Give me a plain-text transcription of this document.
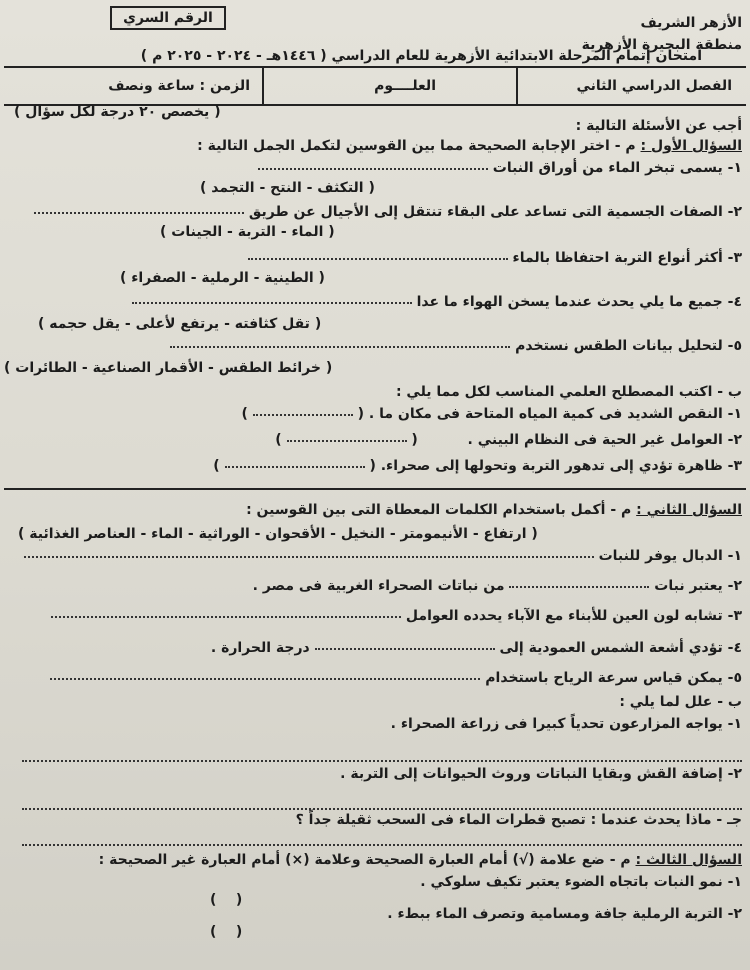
الأزهر الشريف
منطقة البحيرة الأزهرية
الرقم السري
امتحان إتمام المرحلة الابتدائية الأزهرية للعام الدراسي ( ١٤٤٦هـ - ٢٠٢٤ - ٢٠٢٥ م )
الفصل الدراسي الثاني
العلــــوم
الزمن : ساعة ونصف
( يخصص ٢٠ درجة لكل سؤال )
أجب عن الأسئلة التالية :
السؤال الأول : م - اختر الإجابة الصحيحة مما بين القوسين لتكمل الجمل التالية :
١- يسمى تبخر الماء من أوراق النبات
( التكثف - النتح - التجمد )
٢- الصفات الجسمية التى تساعد على البقاء تنتقل إلى الأجيال عن طريق
( الماء - التربة - الجينات )
٣- أكثر أنواع التربة احتفاظا بالماء
( الطينية - الرملية - الصفراء )
٤- جميع ما يلي يحدث عندما يسخن الهواء ما عدا
( تقل كثافته - يرتفع لأعلى - يقل حجمه )
٥- لتحليل بيانات الطقس نستخدم
( خرائط الطقس - الأقمار الصناعية - الطائرات )
ب - اكتب المصطلح العلمي المناسب لكل مما يلي :
١- النقص الشديد فى كمية المياه المتاحة فى مكان ما . (  )
٢- العوامل غير الحية فى النظام البيني .  (  )
٣- ظاهرة تؤدي إلى تدهور التربة وتحولها إلى صحراء. (  )
السؤال الثاني : م - أكمل باستخدام الكلمات المعطاة التى بين القوسين :
( ارتفاع - الأنيمومتر - النخيل - الأقحوان - الوراثية - الماء - العناصر الغذائية )
١- الدبال يوفر للنبات
٢- يعتبر نبات  من نباتات الصحراء الغربية فى مصر .
٣- تشابه لون العين للأبناء مع الآباء يحدده العوامل
٤- تؤدي أشعة الشمس العمودية إلى  درجة الحرارة .
٥- يمكن قياس سرعة الرياح باستخدام
ب - علل لما يلي :
١- يواجه المزارعون تحدياً كبيرا فى زراعة الصحراء .
٢- إضافة القش وبقايا النباتات وروث الحيوانات إلى التربة .
جـ - ماذا يحدث عندما : تصبح قطرات الماء فى السحب ثقيلة جداً ؟
السؤال الثالث : م - ضع علامة (√) أمام العبارة الصحيحة وعلامة (×) أمام العبارة غير الصحيحة :
١- نمو النبات باتجاه الضوء يعتبر تكيف سلوكي .
(    )
٢- التربة الرملية جافة ومسامية وتصرف الماء ببطء .
(    )
